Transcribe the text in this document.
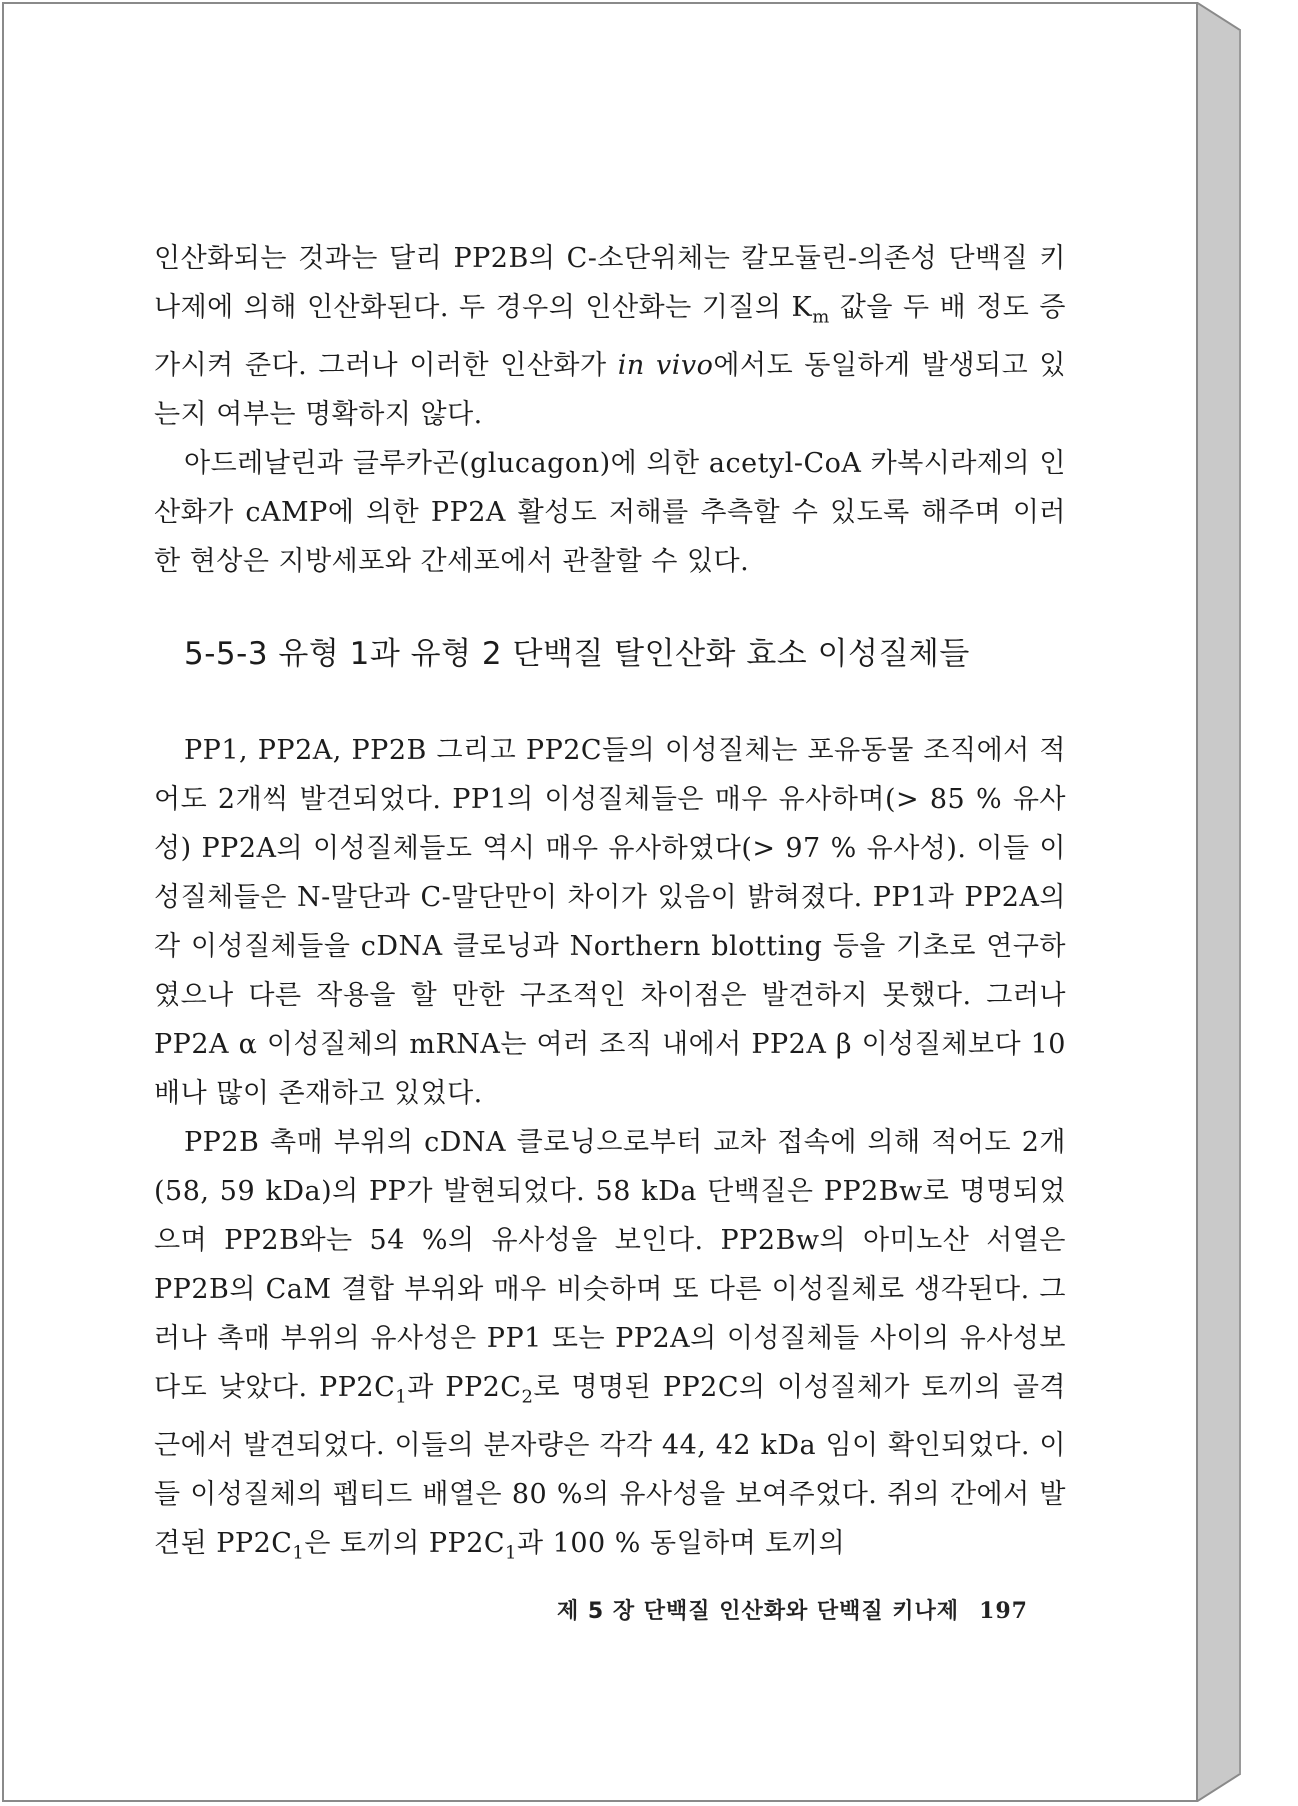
인산화되는 것과는 달리 PP2B의 C-소단위체는 칼모듈린-의존성 단백질 키나제에 의해 인산화된다. 두 경우의 인산화는 기질의 $K_m$ 값을 두 배 정도 증가시켜 준다. 그러나 이러한 인산화가 in vivo에서도 동일하게 발생되고 있는지 여부는 명확하지 않다.

아드레날린과 글루카곤(glucagon)에 의한 acetyl-CoA 카복시라제의 인산화가 cAMP에 의한 PP2A 활성도 저해를 추측할 수 있도록 해주며 이러한 현상은 지방세포와 간세포에서 관찰할 수 있다.

5-5-3 유형 1과 유형 2 단백질 탈인산화 효소 이성질체들

PP1, PP2A, PP2B 그리고 PP2C들의 이성질체는 포유동물 조직에서 적어도 2개씩 발견되었다. PP1의 이성질체들은 매우 유사하며(> 85 % 유사성) PP2A의 이성질체들도 역시 매우 유사하였다(> 97 % 유사성). 이들 이성질체들은 N-말단과 C-말단만이 차이가 있음이 밝혀졌다. PP1과 PP2A의 각 이성질체들을 cDNA 클로닝과 Northern blotting 등을 기초로 연구하였으나 다른 작용을 할 만한 구조적인 차이점은 발견하지 못했다. 그러나 PP2A α 이성질체의 mRNA는 여러 조직 내에서 PP2A β 이성질체보다 10배나 많이 존재하고 있었다.

PP2B 촉매 부위의 cDNA 클로닝으로부터 교차 접속에 의해 적어도 2개(58, 59 kDa)의 PP가 발현되었다. 58 kDa 단백질은 PP2Bw로 명명되었으며 PP2B와는 54 %의 유사성을 보인다. PP2Bw의 아미노산 서열은 PP2B의 CaM 결합 부위와 매우 비슷하며 또 다른 이성질체로 생각된다. 그러나 촉매 부위의 유사성은 PP1 또는 PP2A의 이성질체들 사이의 유사성보다도 낮았다. $PP2C_1$과 $PP2C_2$로 명명된 PP2C의 이성질체가 토끼의 골격근에서 발견되었다. 이들의 분자량은 각각 44, 42 kDa 임이 확인되었다. 이들 이성질체의 펩티드 배열은 80 %의 유사성을 보여주었다. 쥐의 간에서 발견된 $PP2C_1$은 토끼의 $PP2C_1$과 100 % 동일하며 토끼의

제 5 장 단백질 인산화와 단백질 키나제 197
